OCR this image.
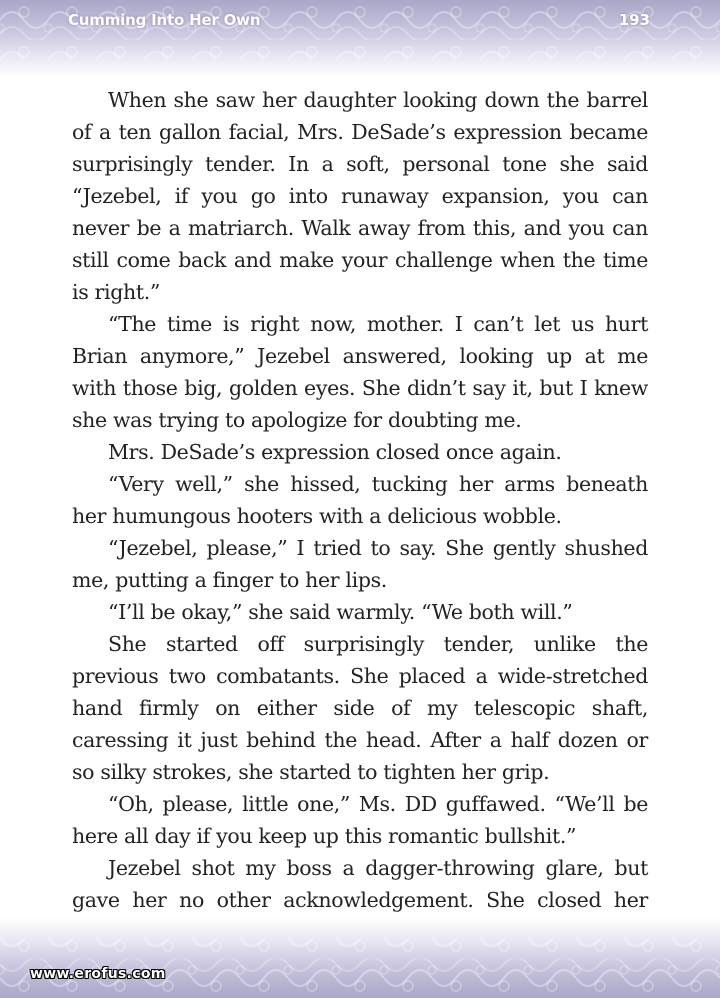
Cumming Into Her Own	193

When she saw her daughter looking down the barrel of a ten gallon facial, Mrs. DeSade’s expression became surprisingly tender. In a soft, personal tone she said “Jezebel, if you go into runaway expansion, you can never be a matriarch. Walk away from this, and you can still come back and make your challenge when the time is right.”

“The time is right now, mother. I can’t let us hurt Brian anymore,” Jezebel answered, looking up at me with those big, golden eyes. She didn’t say it, but I knew she was trying to apologize for doubting me.

Mrs. DeSade’s expression closed once again.

“Very well,” she hissed, tucking her arms beneath her humungous hooters with a delicious wobble.

“Jezebel, please,” I tried to say. She gently shushed me, putting a finger to her lips.

“I’ll be okay,” she said warmly. “We both will.”

She started off surprisingly tender, unlike the previous two combatants. She placed a wide-stretched hand firmly on either side of my telescopic shaft, caressing it just behind the head. After a half dozen or so silky strokes, she started to tighten her grip.

“Oh, please, little one,” Ms. DD guffawed. “We’ll be here all day if you keep up this romantic bullshit.”

Jezebel shot my boss a dagger-throwing glare, but gave her no other acknowledgement. She closed her

www.erofus.com
